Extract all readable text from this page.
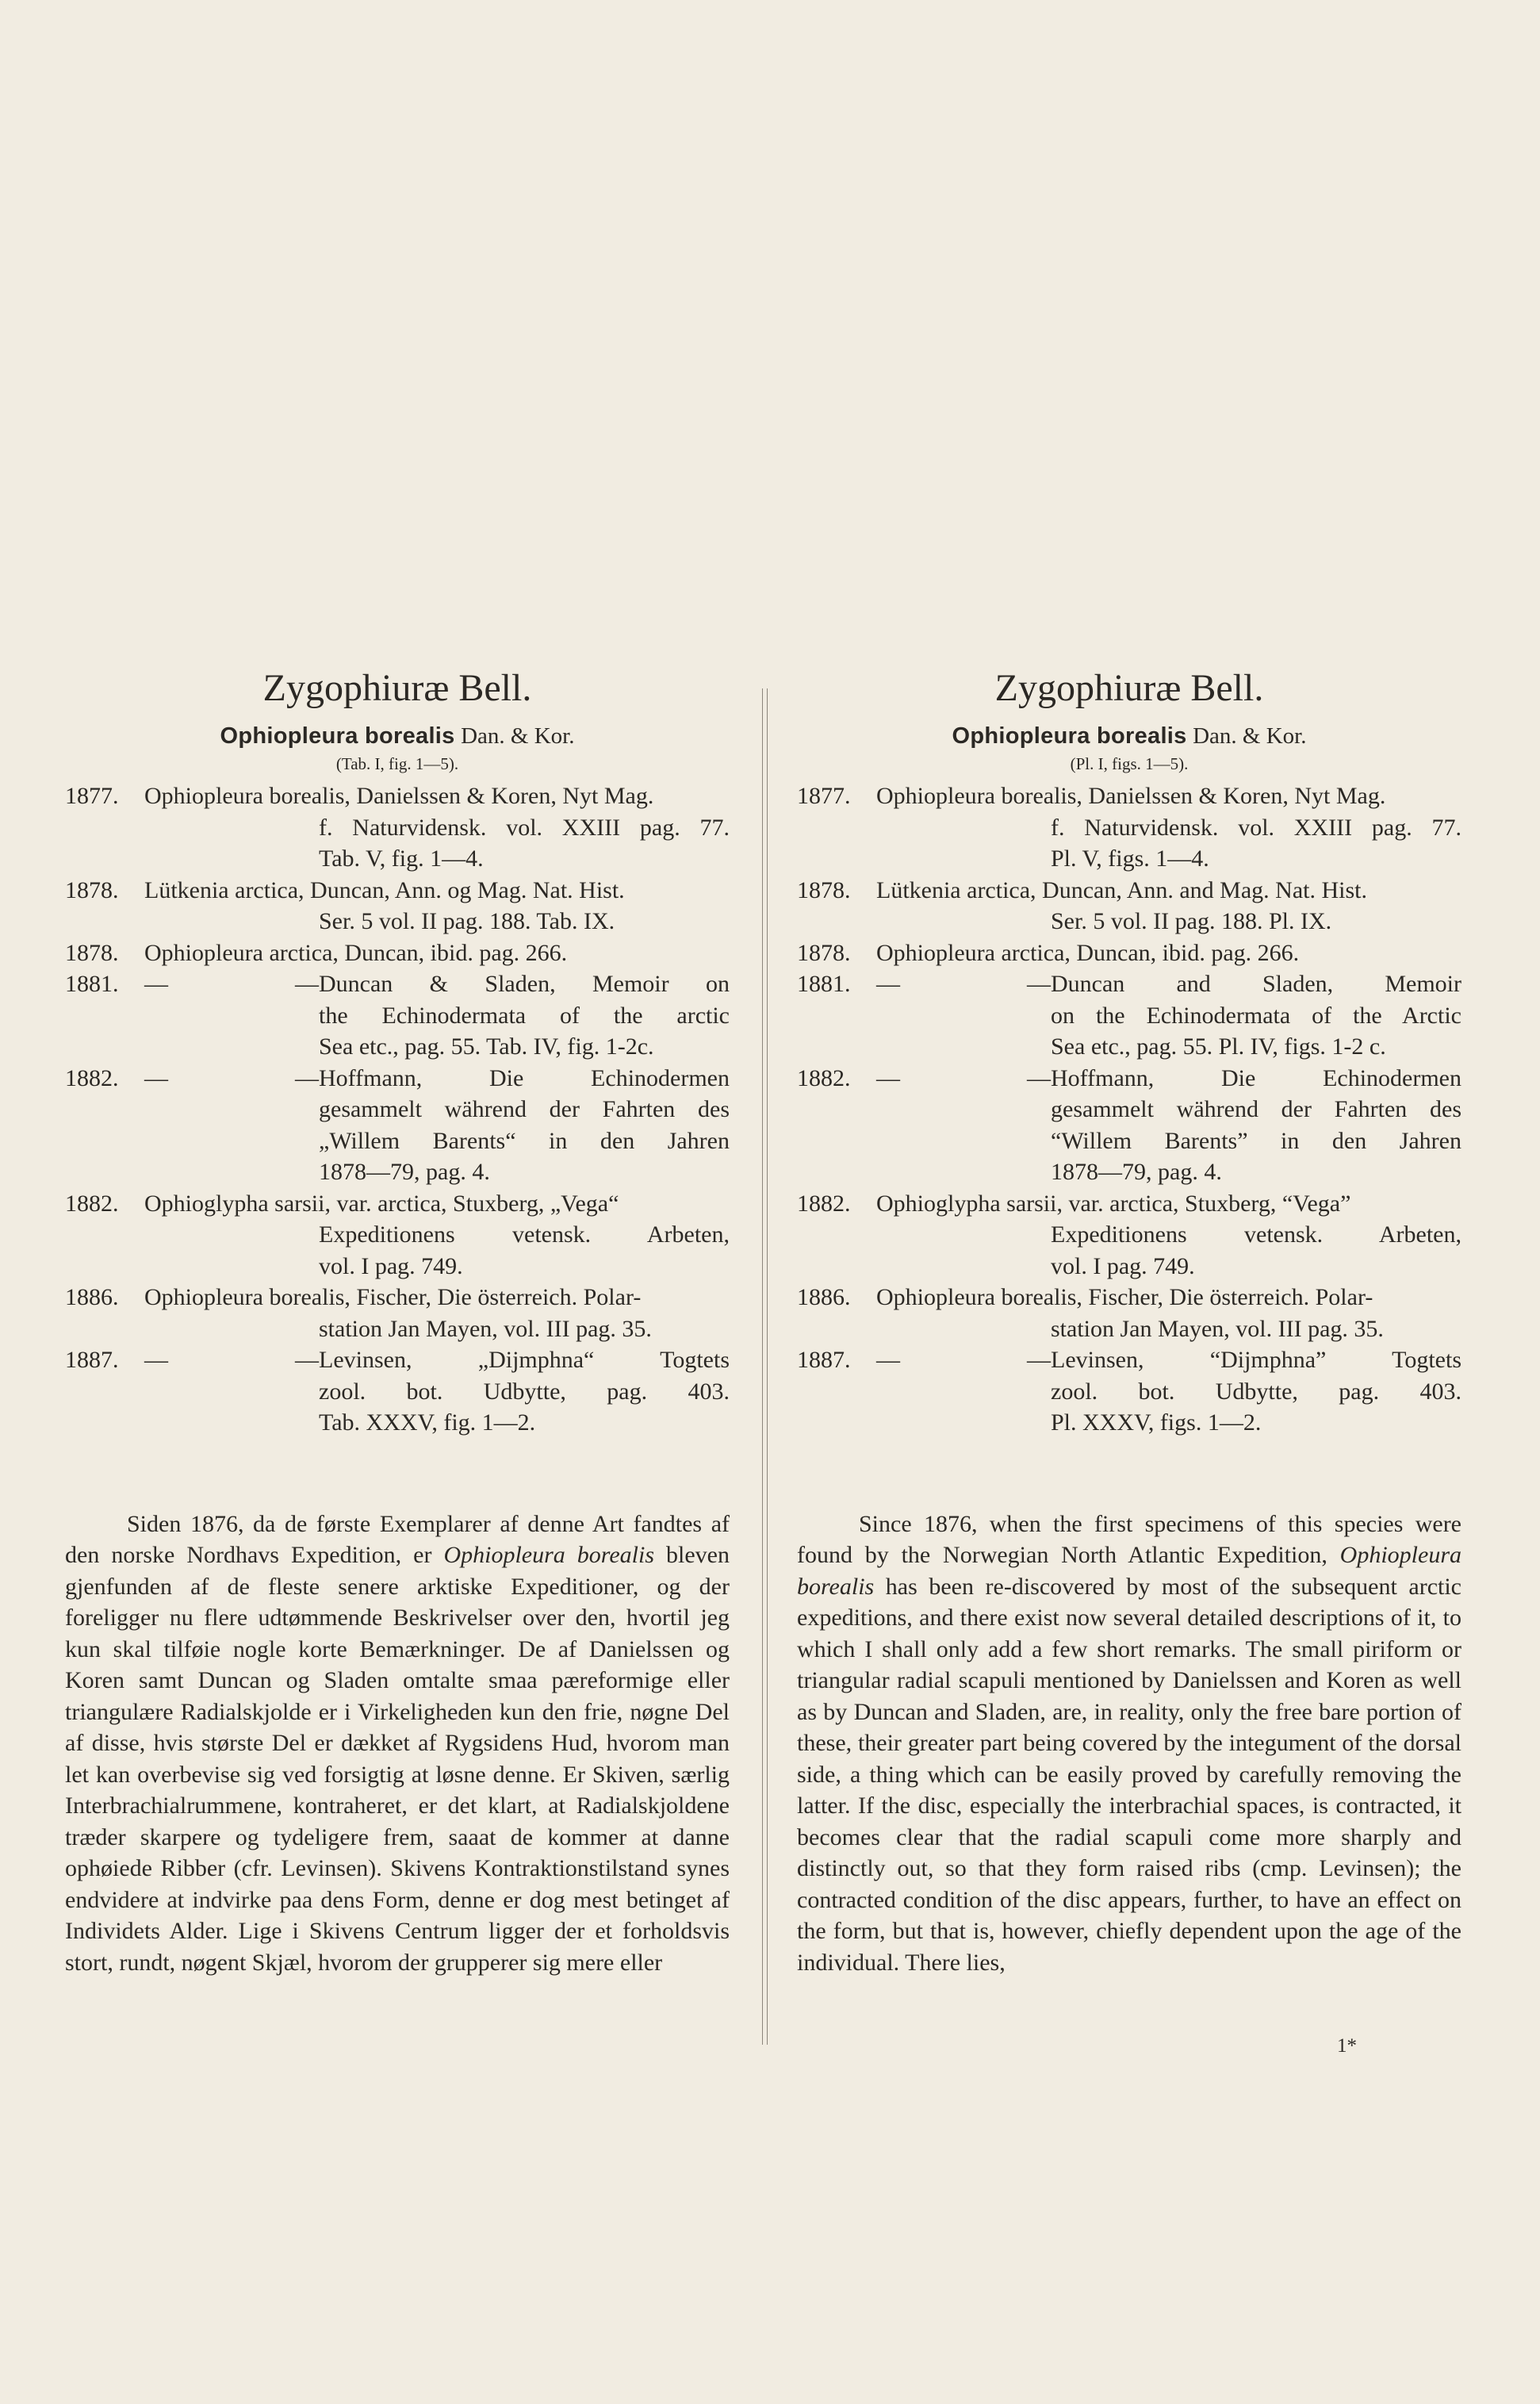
Zygophiuræ Bell.

Ophiopleura borealis Dan. & Kor.

(Tab. I, fig. 1—5).

1877.	Ophiopleura borealis, Danielssen & Koren, Nyt Mag.
f. Naturvidensk. vol. XXIII pag. 77.
Tab. V, fig. 1—4.
1878.	Lütkenia arctica, Duncan, Ann. og Mag. Nat. Hist.
Ser. 5 vol. II pag. 188. Tab. IX.
1878.	Ophiopleura arctica, Duncan, ibid. pag. 266.
1881.	—   —Duncan & Sladen, Memoir on
the Echinodermata of the arctic
Sea etc., pag. 55. Tab. IV, fig. 1-2c.
1882.	—   —Hoffmann, Die Echinodermen
gesammelt während der Fahrten des
„Willem Barents“ in den Jahren
1878—79, pag. 4.
1882.	Ophioglypha sarsii, var. arctica, Stuxberg, „Vega“
Expeditionens vetensk. Arbeten,
vol. I pag. 749.
1886.	Ophiopleura borealis, Fischer, Die österreich. Polar-
station Jan Mayen, vol. III pag. 35.
1887.	—   —Levinsen, „Dijmphna“ Togtets
zool. bot. Udbytte, pag. 403.
Tab. XXXV, fig. 1—2.

Siden 1876, da de første Exemplarer af denne Art fandtes af den norske Nordhavs Expedition, er Ophiopleura borealis bleven gjenfunden af de fleste senere arktiske Expeditioner, og der foreligger nu flere udtømmende Beskrivelser over den, hvortil jeg kun skal tilføie nogle korte Bemærkninger. De af Danielssen og Koren samt Duncan og Sladen omtalte smaa pæreformige eller triangulære Radialskjolde er i Virkeligheden kun den frie, nøgne Del af disse, hvis største Del er dækket af Rygsidens Hud, hvorom man let kan overbevise sig ved forsigtig at løsne denne. Er Skiven, særlig Interbrachialrummene, kontraheret, er det klart, at Radialskjoldene træder skarpere og tydeligere frem, saaat de kommer at danne ophøiede Ribber (cfr. Levinsen). Skivens Kontraktionstilstand synes endvidere at indvirke paa dens Form, denne er dog mest betinget af Individets Alder. Lige i Skivens Centrum ligger der et forholdsvis stort, rundt, nøgent Skjæl, hvorom der grupperer sig mere eller

Zygophiuræ Bell.

Ophiopleura borealis Dan. & Kor.

(Pl. I, figs. 1—5).

1877.	Ophiopleura borealis, Danielssen & Koren, Nyt Mag.
f. Naturvidensk. vol. XXIII pag. 77.
Pl. V, figs. 1—4.
1878.	Lütkenia arctica, Duncan, Ann. and Mag. Nat. Hist.
Ser. 5 vol. II pag. 188. Pl. IX.
1878.	Ophiopleura arctica, Duncan, ibid. pag. 266.
1881.	—   —Duncan and Sladen, Memoir
on the Echinodermata of the Arctic
Sea etc., pag. 55. Pl. IV, figs. 1-2 c.
1882.	—   —Hoffmann, Die Echinodermen
gesammelt während der Fahrten des
“Willem Barents” in den Jahren
1878—79, pag. 4.
1882.	Ophioglypha sarsii, var. arctica, Stuxberg, “Vega”
Expeditionens vetensk. Arbeten,
vol. I pag. 749.
1886.	Ophiopleura borealis, Fischer, Die österreich. Polar-
station Jan Mayen, vol. III pag. 35.
1887.	—   —Levinsen, “Dijmphna” Togtets
zool. bot. Udbytte, pag. 403.
Pl. XXXV, figs. 1—2.

Since 1876, when the first specimens of this species were found by the Norwegian North Atlantic Expedition, Ophiopleura borealis has been re-discovered by most of the subsequent arctic expeditions, and there exist now several detailed descriptions of it, to which I shall only add a few short remarks. The small piriform or triangular radial scapuli mentioned by Danielssen and Koren as well as by Duncan and Sladen, are, in reality, only the free bare portion of these, their greater part being covered by the integument of the dorsal side, a thing which can be easily proved by carefully removing the latter. If the disc, especially the interbrachial spaces, is contracted, it becomes clear that the radial scapuli come more sharply and distinctly out, so that they form raised ribs (cmp. Levinsen); the contracted condition of the disc appears, further, to have an effect on the form, but that is, however, chiefly dependent upon the age of the individual. There lies,

1*
